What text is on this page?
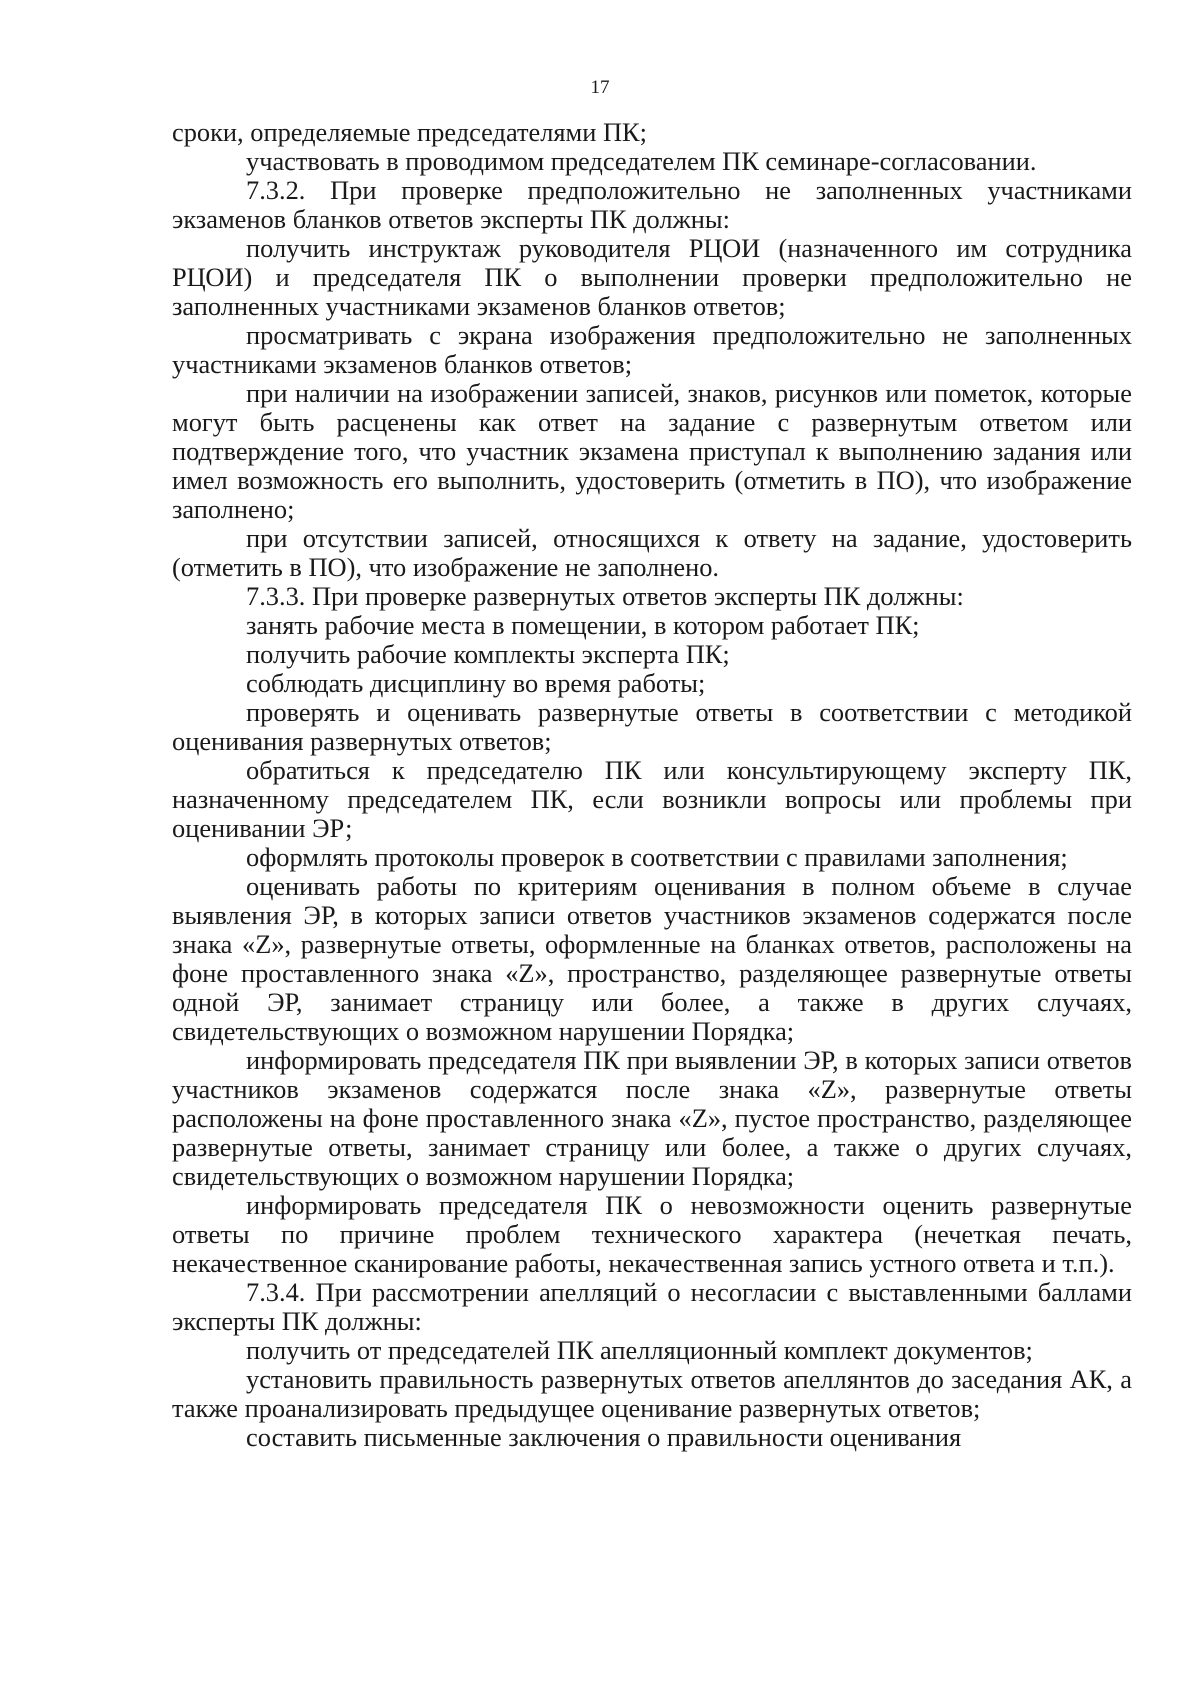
17

сроки, определяемые председателями ПК;

участвовать в проводимом председателем ПК семинаре-согласовании.

7.3.2. При проверке предположительно не заполненных участниками экзаменов бланков ответов эксперты ПК должны:

получить инструктаж руководителя РЦОИ (назначенного им сотрудника РЦОИ) и председателя ПК о выполнении проверки предположительно не заполненных участниками экзаменов бланков ответов;

просматривать с экрана изображения предположительно не заполненных участниками экзаменов бланков ответов;

при наличии на изображении записей, знаков, рисунков или пометок, которые могут быть расценены как ответ на задание с развернутым ответом или подтверждение того, что участник экзамена приступал к выполнению задания или имел возможность его выполнить, удостоверить (отметить в ПО), что изображение заполнено;

при отсутствии записей, относящихся к ответу на задание, удостоверить (отметить в ПО), что изображение не заполнено.

7.3.3. При проверке развернутых ответов эксперты ПК должны:

занять рабочие места в помещении, в котором работает ПК;

получить рабочие комплекты эксперта ПК;

соблюдать дисциплину во время работы;

проверять и оценивать развернутые ответы в соответствии с методикой оценивания развернутых ответов;

обратиться к председателю ПК или консультирующему эксперту ПК, назначенному председателем ПК, если возникли вопросы или проблемы при оценивании ЭР;

оформлять протоколы проверок в соответствии с правилами заполнения;

оценивать работы по критериям оценивания в полном объеме в случае выявления ЭР, в которых записи ответов участников экзаменов содержатся после знака «Z», развернутые ответы, оформленные на бланках ответов, расположены на фоне проставленного знака «Z», пространство, разделяющее развернутые ответы одной ЭР, занимает страницу или более, а также в других случаях, свидетельствующих о возможном нарушении Порядка;

информировать председателя ПК при выявлении ЭР, в которых записи ответов участников экзаменов содержатся после знака «Z», развернутые ответы расположены на фоне проставленного знака «Z», пустое пространство, разделяющее развернутые ответы, занимает страницу или более, а также о других случаях, свидетельствующих о возможном нарушении Порядка;

информировать председателя ПК о невозможности оценить развернутые ответы по причине проблем технического характера (нечеткая печать, некачественное сканирование работы, некачественная запись устного ответа и т.п.).

7.3.4. При рассмотрении апелляций о несогласии с выставленными баллами эксперты ПК должны:

получить от председателей ПК апелляционный комплект документов;

установить правильность развернутых ответов апеллянтов до заседания АК, а также проанализировать предыдущее оценивание развернутых ответов;

составить письменные заключения о правильности оценивания
